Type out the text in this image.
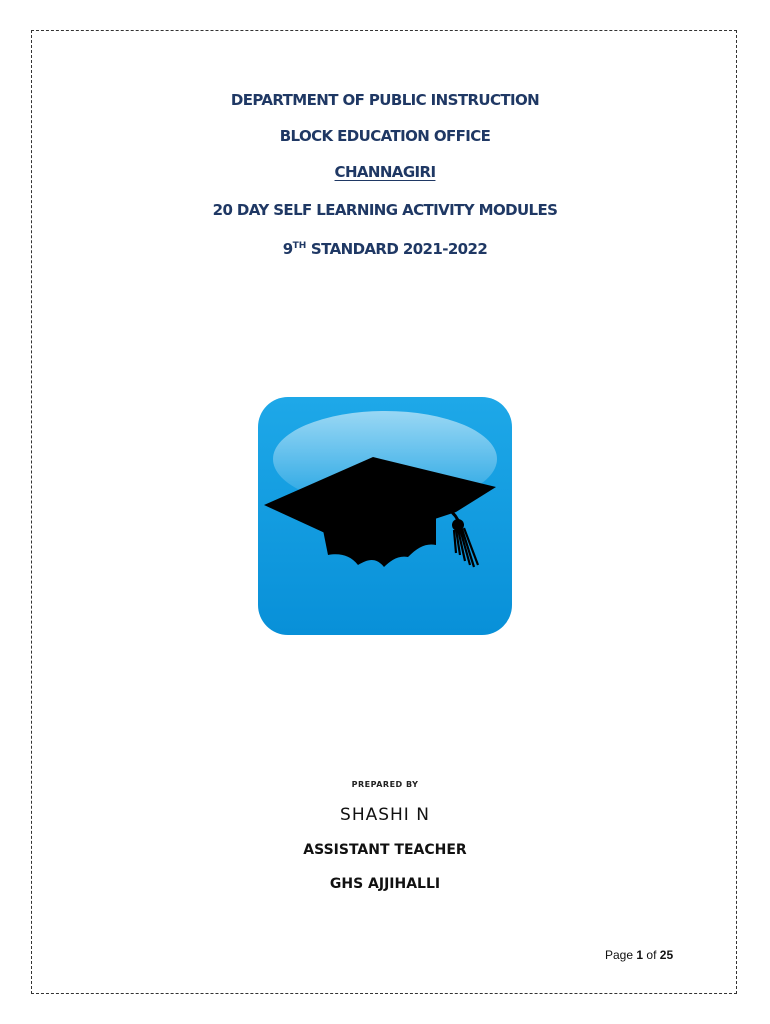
DEPARTMENT OF PUBLIC INSTRUCTION
BLOCK EDUCATION OFFICE
CHANNAGIRI
20 DAY SELF LEARNING ACTIVITY MODULES
9TH STANDARD 2021-2022
PREPARED BY
SHASHI N
ASSISTANT TEACHER
GHS AJJIHALLI
Page 1 of 25
